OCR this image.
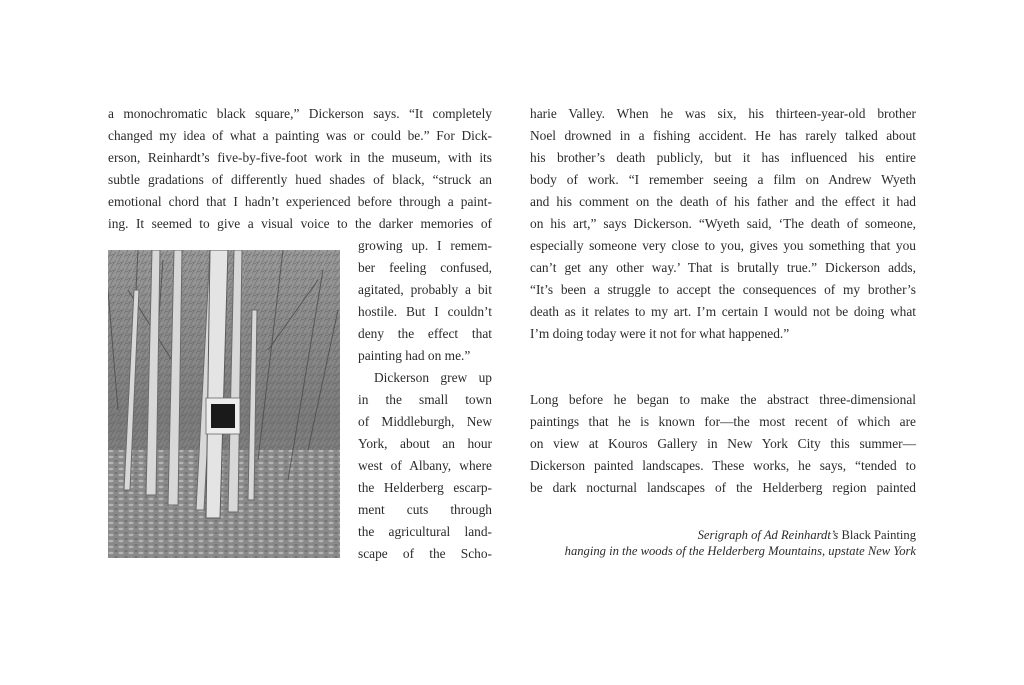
a monochromatic black square,” Dickerson says. “It completely
changed my idea of what a painting was or could be.” For Dick-
erson, Reinhardt’s five-by-five-foot work in the museum, with its
subtle gradations of differently hued shades of black, “struck an
emotional chord that I hadn’t experienced before through a paint-
ing. It seemed to give a visual voice to the darker memories of
growing up. I remem-
ber feeling confused,
agitated, probably a bit
hostile. But I couldn’t
deny the effect that
painting had on me.”
Dickerson grew up
in the small town
of Middleburgh, New
York, about an hour
west of Albany, where
the Helderberg escarp-
ment cuts through
the agricultural land-
scape of the Scho-
harie Valley. When he was six, his thirteen-year-old brother
Noel drowned in a fishing accident. He has rarely talked about
his brother’s death publicly, but it has influenced his entire
body of work. “I remember seeing a film on Andrew Wyeth
and his comment on the death of his father and the effect it had
on his art,” says Dickerson. “Wyeth said, ‘The death of someone,
especially someone very close to you, gives you something that you
can’t get any other way.’ That is brutally true.” Dickerson adds,
“It’s been a struggle to accept the consequences of my brother’s
death as it relates to my art. I’m certain I would not be doing what
I’m doing today were it not for what happened.”
Long before he began to make the abstract three-dimensional
paintings that he is known for—the most recent of which are
on view at Kouros Gallery in New York City this summer—
Dickerson painted landscapes. These works, he says, “tended to
be dark nocturnal landscapes of the Helderberg region painted
Serigraph of Ad Reinhardt’s Black Painting
hanging in the woods of the Helderberg Mountains, upstate New York
